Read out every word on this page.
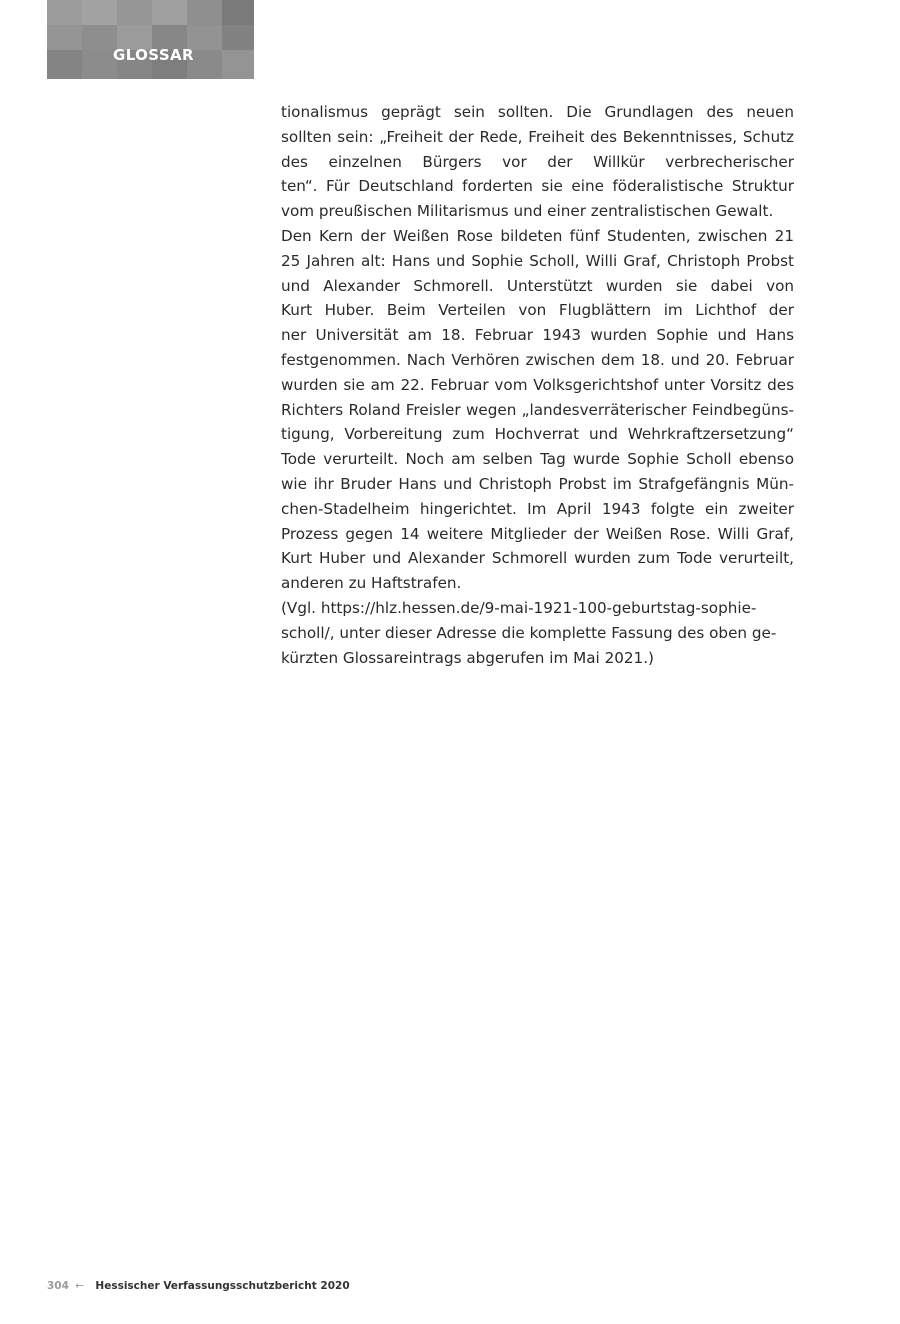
GLOSSAR
tionalismus geprägt sein sollten. Die Grundlagen des neuen
sollten sein: „Freiheit der Rede, Freiheit des Bekenntnisses, Schutz
des einzelnen Bürgers vor der Willkür verbrecherischer
ten“. Für Deutschland forderten sie eine föderalistische Struktur
vom preußischen Militarismus und einer zentralistischen Gewalt.
Den Kern der Weißen Rose bildeten fünf Studenten, zwischen 21
25 Jahren alt: Hans und Sophie Scholl, Willi Graf, Christoph Probst
und Alexander Schmorell. Unterstützt wurden sie dabei von
Kurt Huber. Beim Verteilen von Flugblättern im Lichthof der
ner Universität am 18. Februar 1943 wurden Sophie und Hans
festgenommen. Nach Verhören zwischen dem 18. und 20. Februar
wurden sie am 22. Februar vom Volksgerichtshof unter Vorsitz des
Richters Roland Freisler wegen „landesverräterischer Feindbegüns-
tigung, Vorbereitung zum Hochverrat und Wehrkraftzersetzung“
Tode verurteilt. Noch am selben Tag wurde Sophie Scholl ebenso
wie ihr Bruder Hans und Christoph Probst im Strafgefängnis Mün-
chen-Stadelheim hingerichtet. Im April 1943 folgte ein zweiter
Prozess gegen 14 weitere Mitglieder der Weißen Rose. Willi Graf,
Kurt Huber und Alexander Schmorell wurden zum Tode verurteilt,
anderen zu Haftstrafen.
(Vgl. https://hlz.hessen.de/9-mai-1921-100-geburtstag-sophie-
scholl/, unter dieser Adresse die komplette Fassung des oben ge-
kürzten Glossareintrags abgerufen im Mai 2021.)
304 ← Hessischer Verfassungsschutzbericht 2020
